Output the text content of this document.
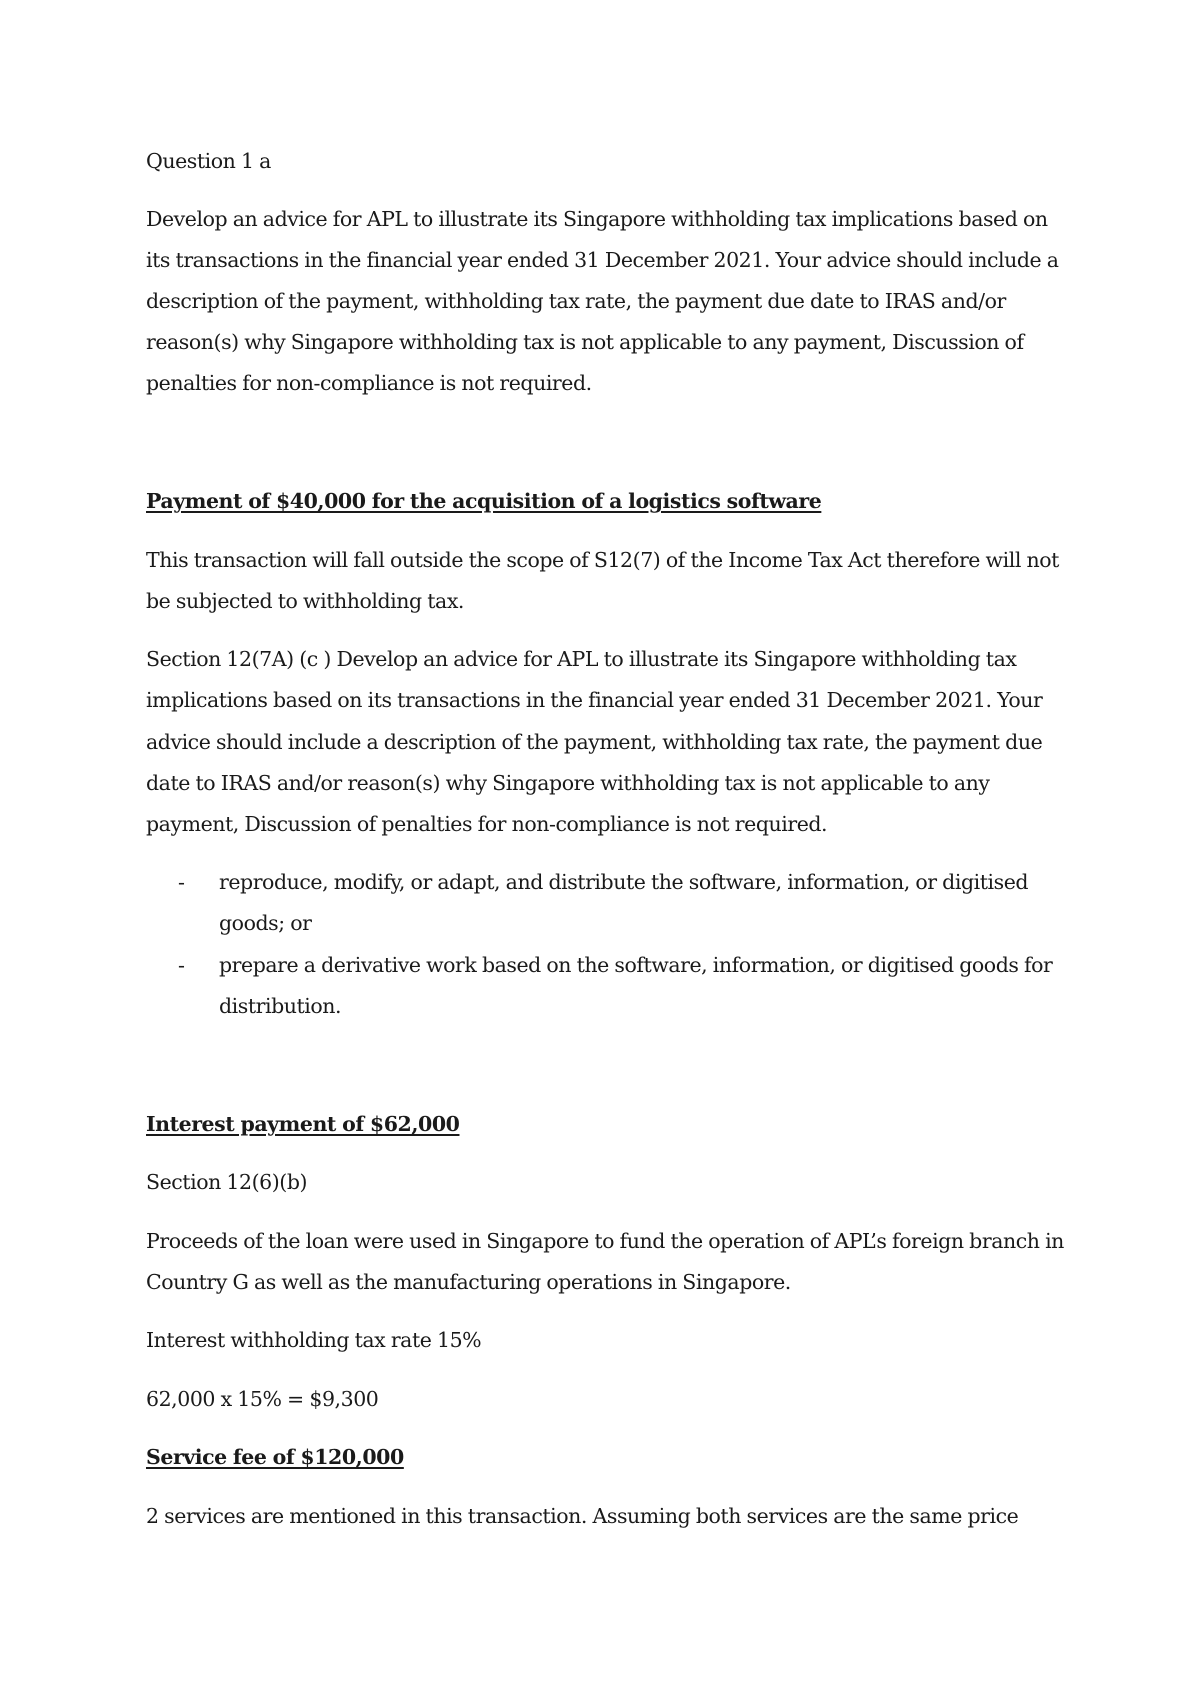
Question 1 a

Develop an advice for APL to illustrate its Singapore withholding tax implications based on

its transactions in the financial year ended 31 December 2021. Your advice should include a

description of the payment, withholding tax rate, the payment due date to IRAS and/or

reason(s) why Singapore withholding tax is not applicable to any payment, Discussion of

penalties for non-compliance is not required.

Payment of $40,000 for the acquisition of a logistics software

This transaction will fall outside the scope of S12(7) of the Income Tax Act therefore will not

be subjected to withholding tax.

Section 12(7A) (c ) Develop an advice for APL to illustrate its Singapore withholding tax

implications based on its transactions in the financial year ended 31 December 2021. Your

advice should include a description of the payment, withholding tax rate, the payment due

date to IRAS and/or reason(s) why Singapore withholding tax is not applicable to any

payment, Discussion of penalties for non-compliance is not required.

- reproduce, modify, or adapt, and distribute the software, information, or digitised

goods; or

- prepare a derivative work based on the software, information, or digitised goods for

distribution.

Interest payment of $62,000

Section 12(6)(b)

Proceeds of the loan were used in Singapore to fund the operation of APL’s foreign branch in

Country G as well as the manufacturing operations in Singapore.

Interest withholding tax rate 15%

62,000 x 15% = $9,300

Service fee of $120,000

2 services are mentioned in this transaction. Assuming both services are the same price
